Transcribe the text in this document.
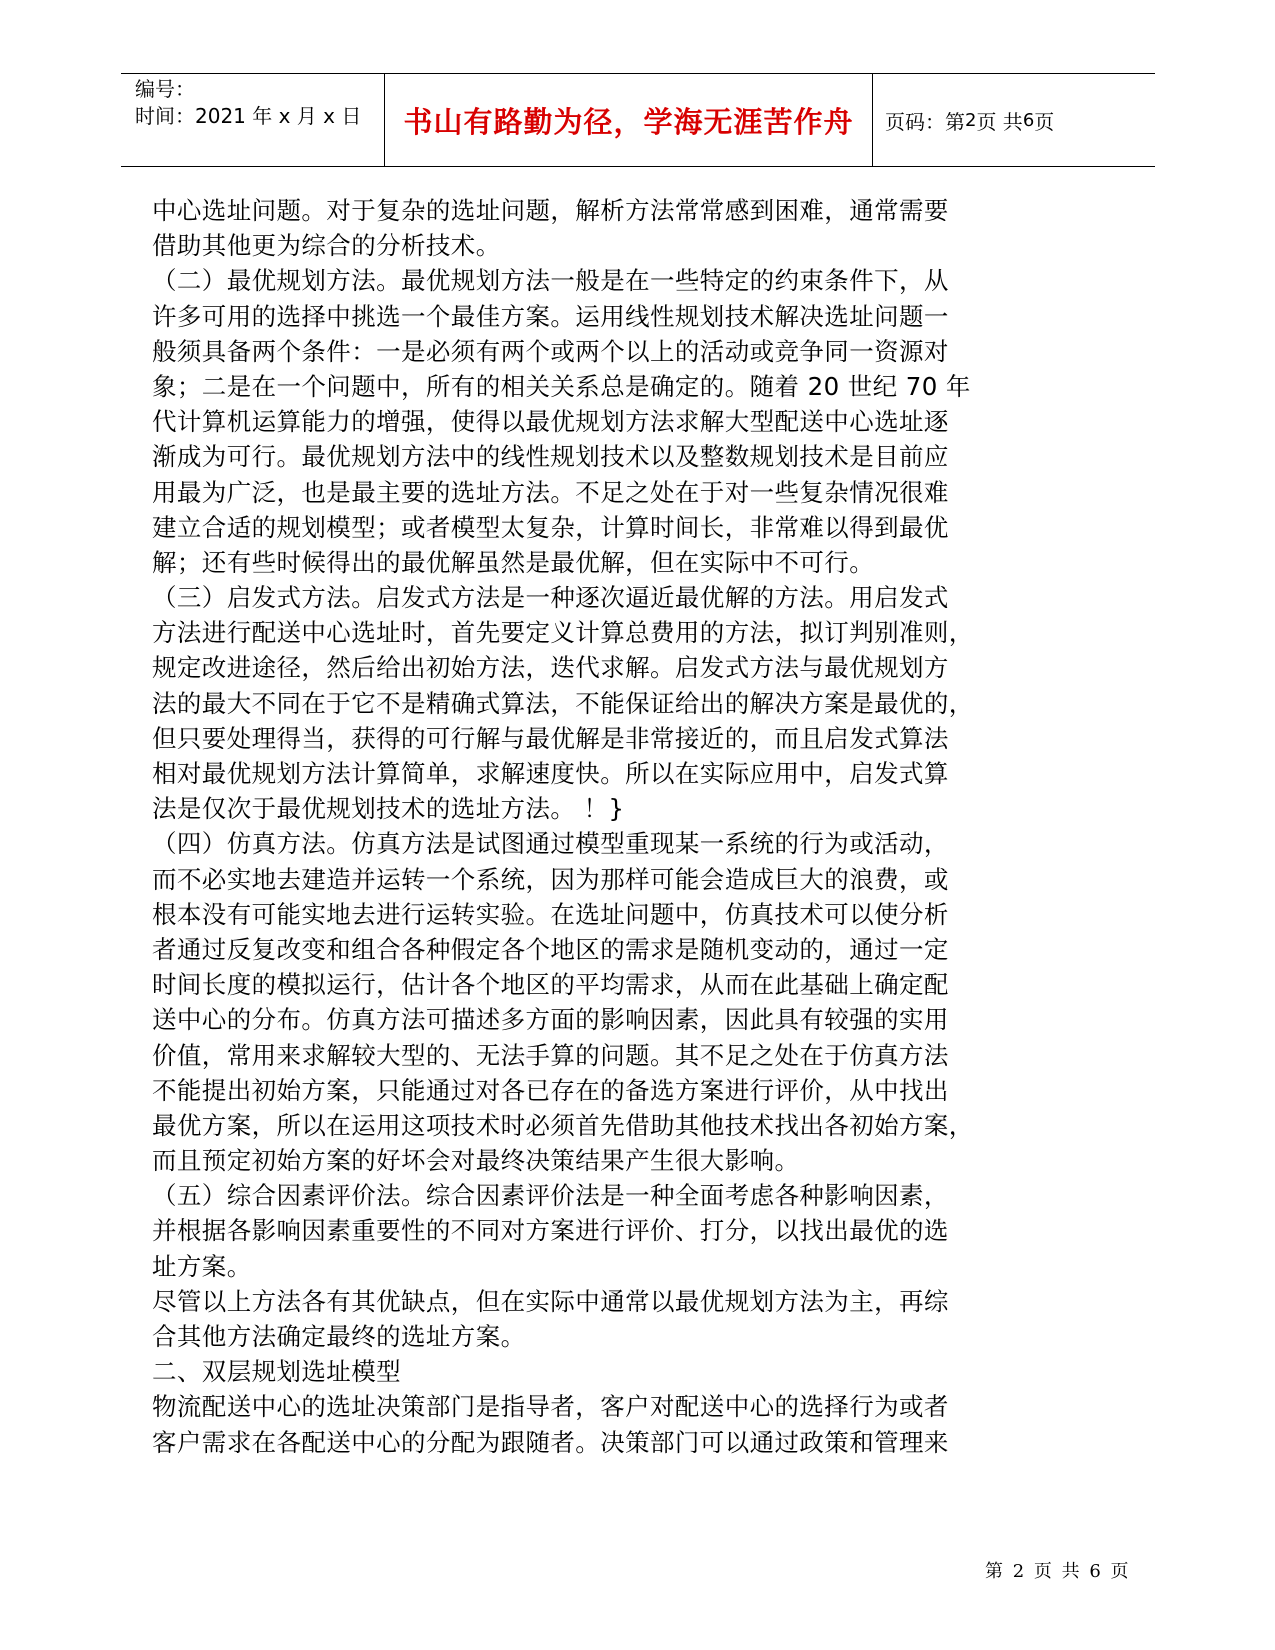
编号：
时间：2021 年 x 月 x 日	书山有路勤为径，学海无涯苦作舟	页码：第 2 页 共 6 页
中心选址问题。对于复杂的选址问题，解析方法常常感到困难，通常需要
借助其他更为综合的分析技术。
（二）最优规划方法。最优规划方法一般是在一些特定的约束条件下，从
许多可用的选择中挑选一个最佳方案。运用线性规划技术解决选址问题一
般须具备两个条件：一是必须有两个或两个以上的活动或竞争同一资源对
象；二是在一个问题中，所有的相关关系总是确定的。随着 20 世纪 70 年
代计算机运算能力的增强，使得以最优规划方法求解大型配送中心选址逐
渐成为可行。最优规划方法中的线性规划技术以及整数规划技术是目前应
用最为广泛，也是最主要的选址方法。不足之处在于对一些复杂情况很难
建立合适的规划模型；或者模型太复杂，计算时间长，非常难以得到最优
解；还有些时候得出的最优解虽然是最优解，但在实际中不可行。
（三）启发式方法。启发式方法是一种逐次逼近最优解的方法。用启发式
方法进行配送中心选址时，首先要定义计算总费用的方法，拟订判别准则，
规定改进途径，然后给出初始方法，迭代求解。启发式方法与最优规划方
法的最大不同在于它不是精确式算法，不能保证给出的解决方案是最优的，
但只要处理得当，获得的可行解与最优解是非常接近的，而且启发式算法
相对最优规划方法计算简单，求解速度快。所以在实际应用中，启发式算
法是仅次于最优规划技术的选址方法。 ！}
（四）仿真方法。仿真方法是试图通过模型重现某一系统的行为或活动，
而不必实地去建造并运转一个系统，因为那样可能会造成巨大的浪费，或
根本没有可能实地去进行运转实验。在选址问题中，仿真技术可以使分析
者通过反复改变和组合各种假定各个地区的需求是随机变动的，通过一定
时间长度的模拟运行，估计各个地区的平均需求，从而在此基础上确定配
送中心的分布。仿真方法可描述多方面的影响因素，因此具有较强的实用
价值，常用来求解较大型的、无法手算的问题。其不足之处在于仿真方法
不能提出初始方案，只能通过对各已存在的备选方案进行评价，从中找出
最优方案，所以在运用这项技术时必须首先借助其他技术找出各初始方案，
而且预定初始方案的好坏会对最终决策结果产生很大影响。
（五）综合因素评价法。综合因素评价法是一种全面考虑各种影响因素，
并根据各影响因素重要性的不同对方案进行评价、打分，以找出最优的选
址方案。
尽管以上方法各有其优缺点，但在实际中通常以最优规划方法为主，再综
合其他方法确定最终的选址方案。
二、双层规划选址模型
物流配送中心的选址决策部门是指导者，客户对配送中心的选择行为或者
客户需求在各配送中心的分配为跟随者。决策部门可以通过政策和管理来
第 2 页 共 6 页
